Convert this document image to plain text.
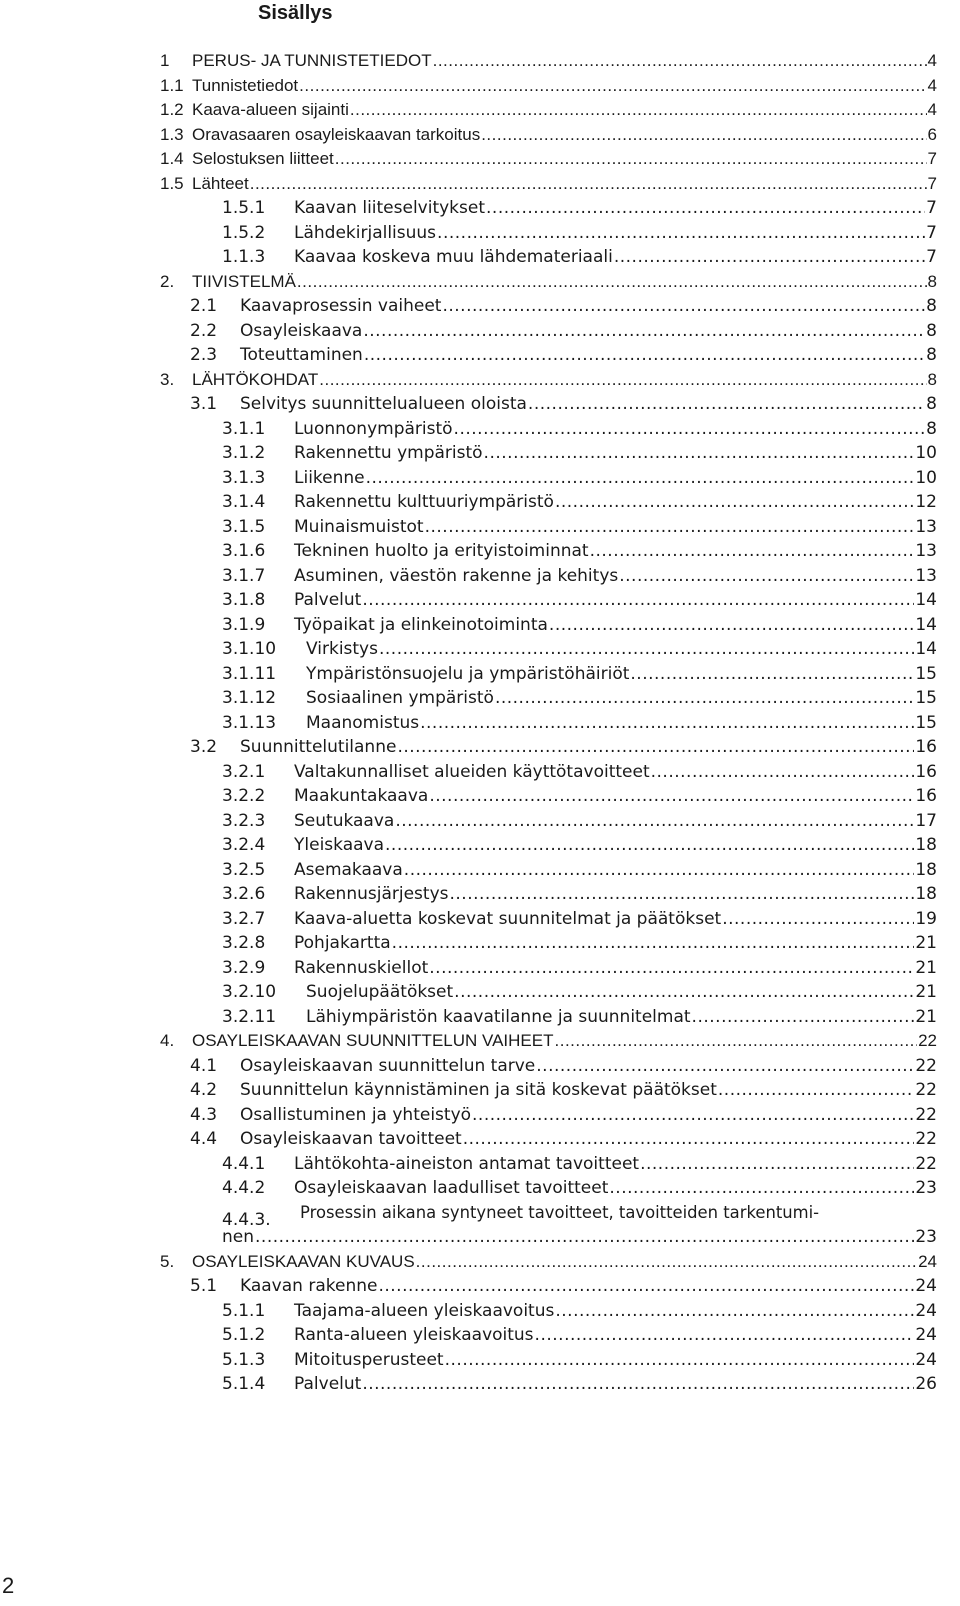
Sisällys
1	PERUS- JA TUNNISTETIEDOT .....	4
1.1 Tunnistetiedot .....	4
1.2 Kaava-alueen sijainti .....	4
1.3 Oravasaaren osayleiskaavan tarkoitus .....	6
1.4 Selostuksen liitteet .....	7
1.5 Lähteet .....	7
1.5.1	Kaavan liiteselvitykset .....	7
1.5.2	Lähdekirjallisuus .....	7
1.1.3	Kaavaa koskeva muu lähdemateriaali .....	7
2.	TIIVISTELMÄ .....	8
2.1	Kaavaprosessin vaiheet .....	8
2.2	Osayleiskaava .....	8
2.3	Toteuttaminen .....	8
3.	LÄHTÖKOHDAT .....	8
3.1	Selvitys suunnittelualueen oloista .....	8
3.1.1	Luonnonympäristö .....	8
3.1.2	Rakennettu ympäristö .....	10
3.1.3	Liikenne .....	10
3.1.4	Rakennettu kulttuuriympäristö .....	12
3.1.5	Muinaismuistot .....	13
3.1.6	Tekninen huolto ja erityistoiminnat .....	13
3.1.7	Asuminen, väestön rakenne ja kehitys .....	13
3.1.8	Palvelut .....	14
3.1.9	Työpaikat ja elinkeinotoiminta .....	14
3.1.10	Virkistys .....	14
3.1.11	Ympäristönsuojelu ja ympäristöhäiriöt .....	15
3.1.12	Sosiaalinen ympäristö .....	15
3.1.13	Maanomistus .....	15
3.2	Suunnittelutilanne .....	16
3.2.1	Valtakunnalliset alueiden käyttötavoitteet .....	16
3.2.2	Maakuntakaava .....	16
3.2.3	Seutukaava .....	17
3.2.4	Yleiskaava .....	18
3.2.5	Asemakaava .....	18
3.2.6	Rakennusjärjestys .....	18
3.2.7	Kaava-aluetta koskevat suunnitelmat ja päätökset .....	19
3.2.8	Pohjakartta .....	21
3.2.9	Rakennuskiellot .....	21
3.2.10	Suojelupäätökset .....	21
3.2.11	Lähiympäristön kaavatilanne ja suunnitelmat .....	21
4.	OSAYLEISKAAVAN SUUNNITTELUN VAIHEET .....	22
4.1	Osayleiskaavan suunnittelun tarve .....	22
4.2	Suunnittelun käynnistäminen ja sitä koskevat päätökset .....	22
4.3	Osallistuminen ja yhteistyö .....	22
4.4	Osayleiskaavan tavoitteet .....	22
4.4.1	Lähtökohta-aineiston antamat tavoitteet .....	22
4.4.2	Osayleiskaavan laadulliset tavoitteet .....	23
4.4.3. Prosessin aikana syntyneet tavoitteet, tavoitteiden tarkentumi-
nen .....	23
5.	OSAYLEISKAAVAN KUVAUS .....	24
5.1	Kaavan rakenne .....	24
5.1.1	Taajama-alueen yleiskaavoitus .....	24
5.1.2	Ranta-alueen yleiskaavoitus .....	24
5.1.3	Mitoitusperusteet .....	24
5.1.4	Palvelut .....	26
2
